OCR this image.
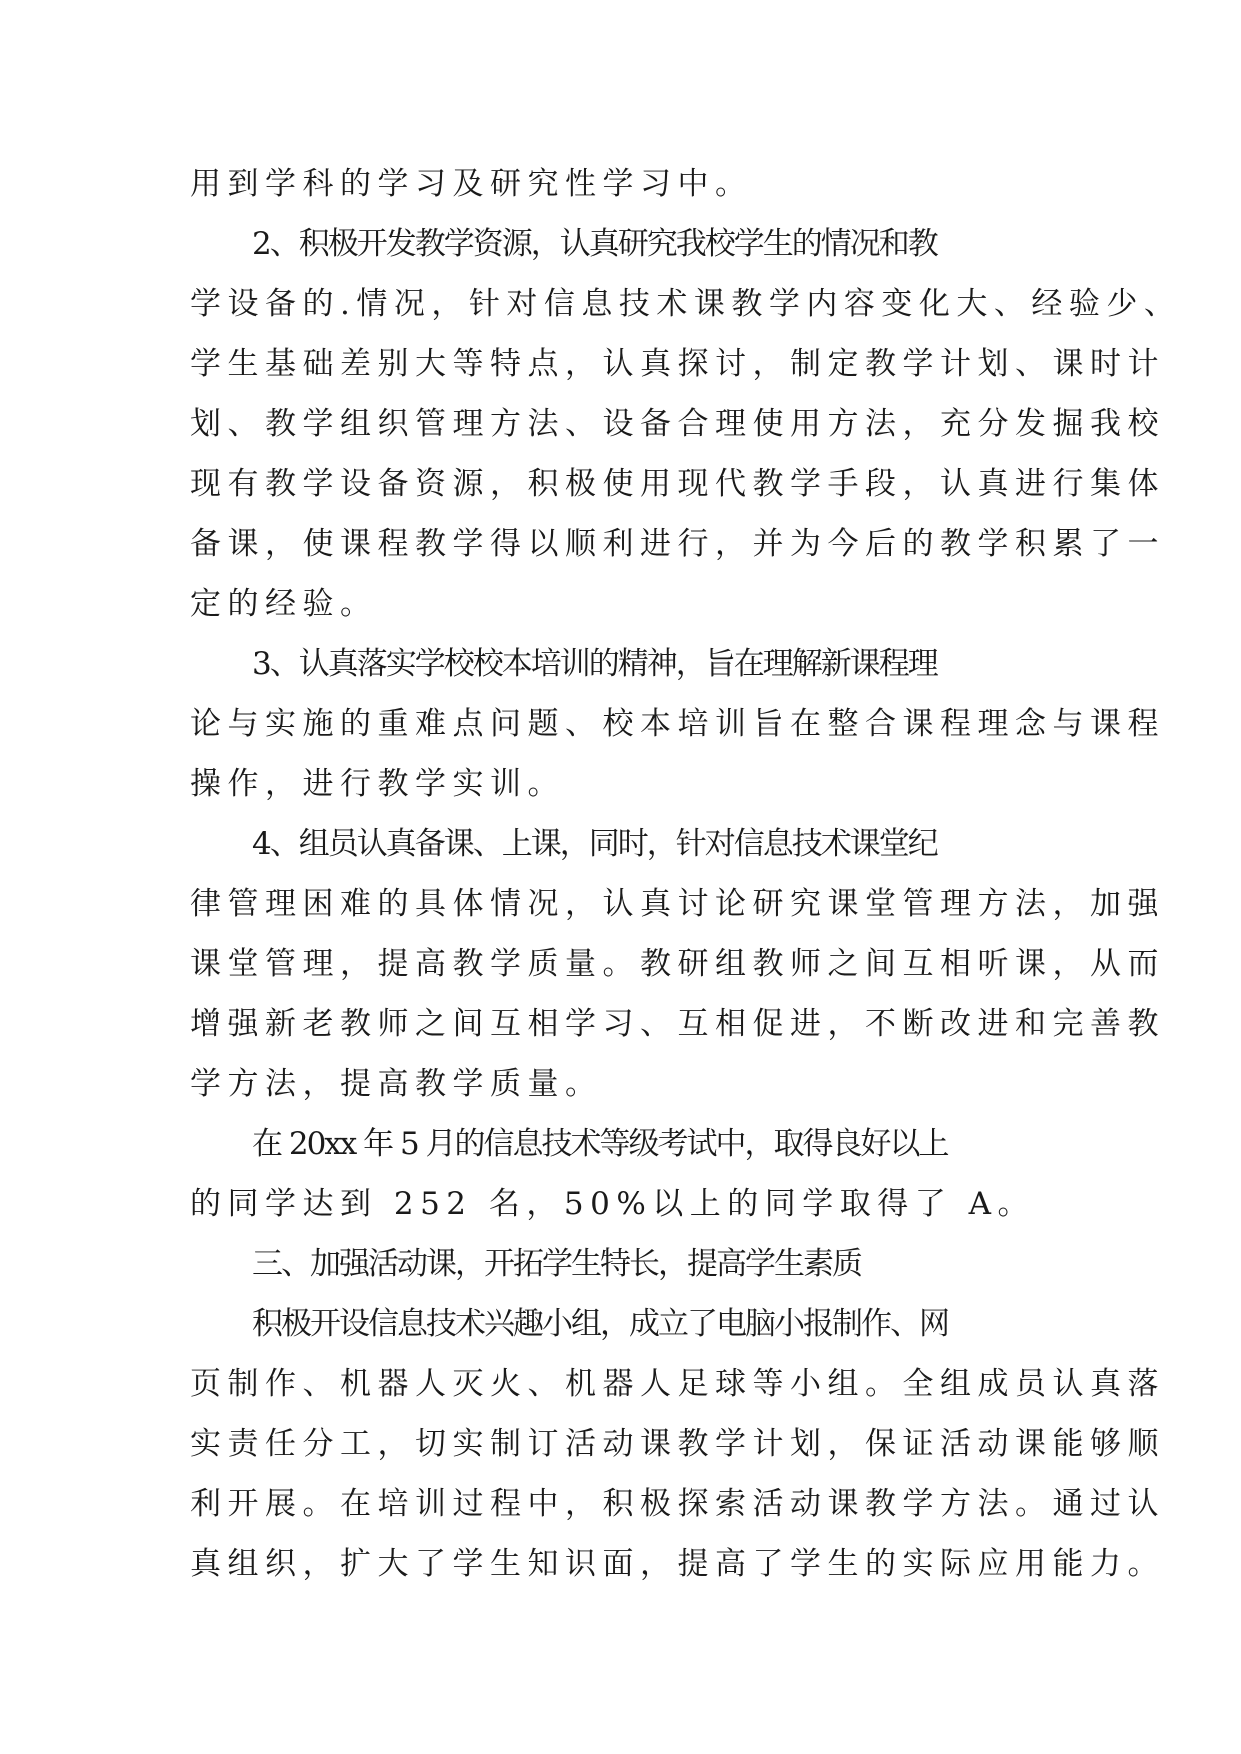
用到学科的学习及研究性学习中。
2、积极开发教学资源，认真研究我校学生的情况和教
学设备的.情况，针对信息技术课教学内容变化大、经验少、
学生基础差别大等特点，认真探讨，制定教学计划、课时计
划、教学组织管理方法、设备合理使用方法，充分发掘我校
现有教学设备资源，积极使用现代教学手段，认真进行集体
备课，使课程教学得以顺利进行，并为今后的教学积累了一
定的经验。
3、认真落实学校校本培训的精神，旨在理解新课程理
论与实施的重难点问题、校本培训旨在整合课程理念与课程
操作，进行教学实训。
4、组员认真备课、上课，同时，针对信息技术课堂纪
律管理困难的具体情况，认真讨论研究课堂管理方法，加强
课堂管理，提高教学质量。教研组教师之间互相听课，从而
增强新老教师之间互相学习、互相促进，不断改进和完善教
学方法，提高教学质量。
在 20xx 年 5 月的信息技术等级考试中，取得良好以上
的同学达到 252 名，50%以上的同学取得了 A。
三、加强活动课，开拓学生特长，提高学生素质
积极开设信息技术兴趣小组，成立了电脑小报制作、网
页制作、机器人灭火、机器人足球等小组。全组成员认真落
实责任分工，切实制订活动课教学计划，保证活动课能够顺
利开展。在培训过程中，积极探索活动课教学方法。通过认
真组织，扩大了学生知识面，提高了学生的实际应用能力。
